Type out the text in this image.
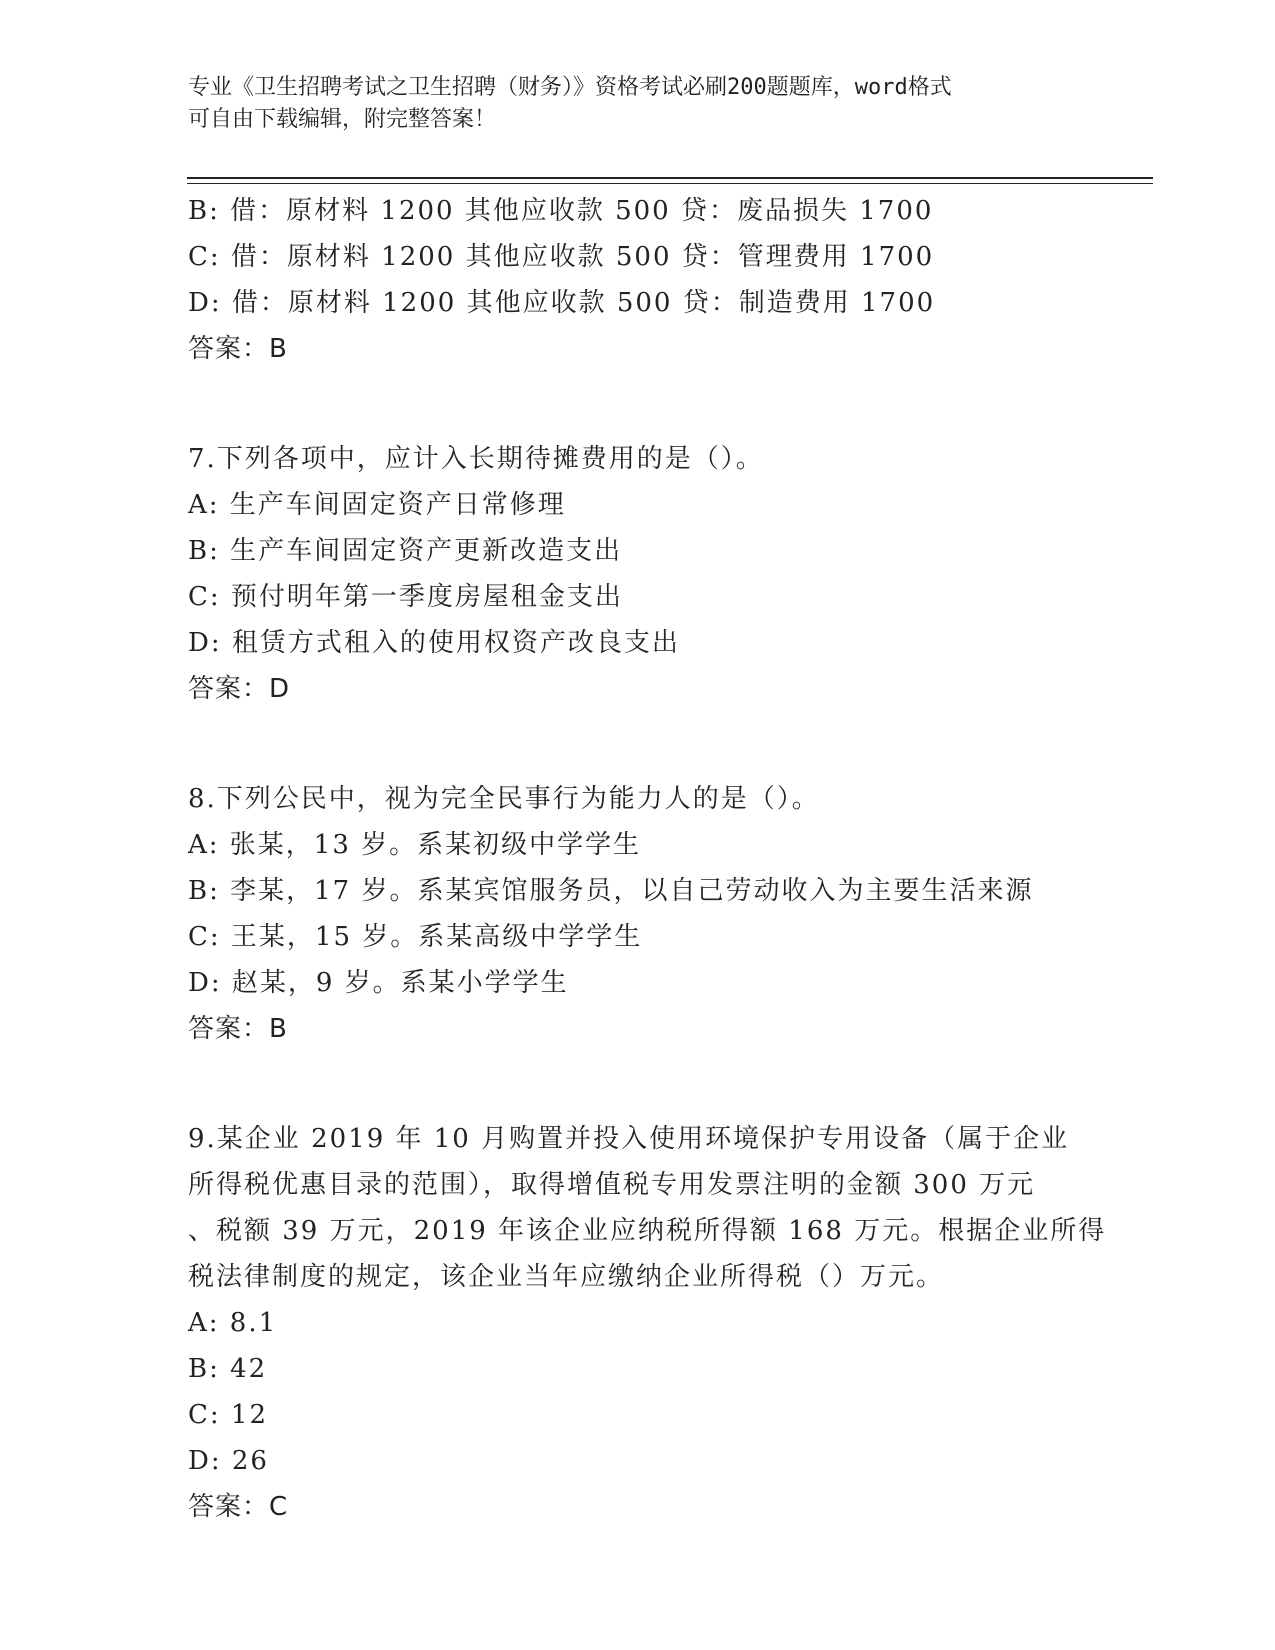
专业《卫生招聘考试之卫生招聘（财务）》资格考试必刷200题题库，word格式
可自由下载编辑，附完整答案！
B: 借：原材料 1200 其他应收款 500 贷：废品损失 1700
C: 借：原材料 1200 其他应收款 500 贷：管理费用 1700
D: 借：原材料 1200 其他应收款 500 贷：制造费用 1700
答案：B
7.下列各项中，应计入长期待摊费用的是（）。
A: 生产车间固定资产日常修理
B: 生产车间固定资产更新改造支出
C: 预付明年第一季度房屋租金支出
D: 租赁方式租入的使用权资产改良支出
答案：D
8.下列公民中，视为完全民事行为能力人的是（）。
A: 张某，13 岁。系某初级中学学生
B: 李某，17 岁。系某宾馆服务员，以自己劳动收入为主要生活来源
C: 王某，15 岁。系某高级中学学生
D: 赵某，9 岁。系某小学学生
答案：B
9.某企业 2019 年 10 月购置并投入使用环境保护专用设备（属于企业
所得税优惠目录的范围），取得增值税专用发票注明的金额 300 万元
、税额 39 万元，2019 年该企业应纳税所得额 168 万元。根据企业所得
税法律制度的规定，该企业当年应缴纳企业所得税（）万元。
A: 8.1
B: 42
C: 12
D: 26
答案：C
